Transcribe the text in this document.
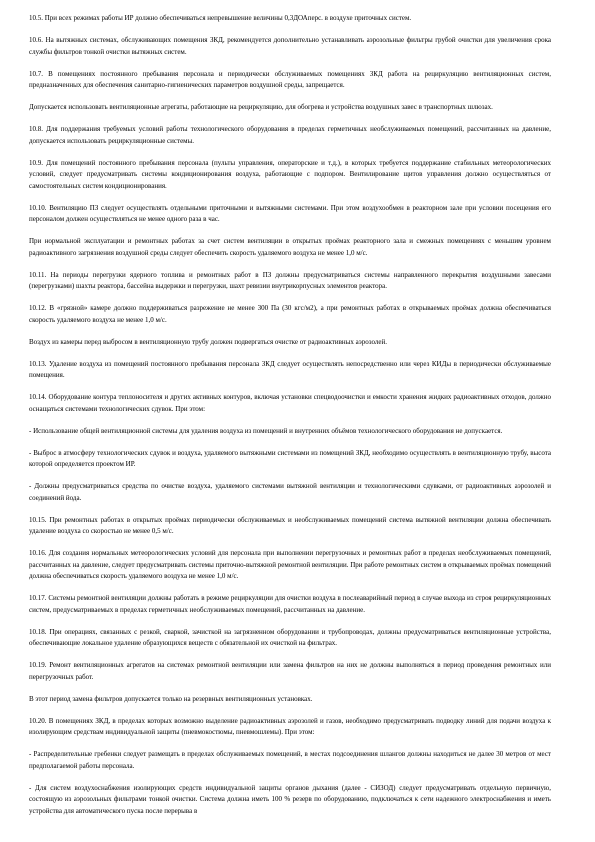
10.5. При всех режимах работы ИР должно обеспечиваться непревышение величины 0,3ДОАперс. в воздухе приточных систем.

10.6. На вытяжных системах, обслуживающих помещения ЗКД, рекомендуется дополнительно устанавливать аэрозольные фильтры грубой очистки для увеличения срока службы фильтров тонкой очистки вытяжных систем.

10.7. В помещениях постоянного пребывания персонала и периодически обслуживаемых помещениях ЗКД работа на рециркуляцию вентиляционных систем, предназначенных для обеспечения санитарно-гигиенических параметров воздушной среды, запрещается.

Допускается использовать вентиляционные агрегаты, работающие на рециркуляцию, для обогрева и устройства воздушных завес в транспортных шлюзах.

10.8. Для поддержания требуемых условий работы технологического оборудования в пределах герметичных необслуживаемых помещений, рассчитанных на давление, допускается использовать рециркуляционные системы.

10.9. Для помещений постоянного пребывания персонала (пульты управления, операторские и т.д.), в которых требуется поддержание стабильных метеорологических условий, следует предусматривать системы кондиционирования воздуха, работающие с подпором. Вентилирование щитов управления должно осуществляться от самостоятельных систем кондиционирования.

10.10. Вентиляцию ПЗ следует осуществлять отдельными приточными и вытяжными системами. При этом воздухообмен в реакторном зале при условии посещения его персоналом должен осуществляться не менее одного раза в час.

При нормальной эксплуатации и ремонтных работах за счет систем вентиляции в открытых проёмах реакторного зала и смежных помещениях с меньшим уровнем радиоактивного загрязнения воздушной среды следует обеспечить скорость удаляемого воздуха не менее 1,0 м/с.

10.11. На периоды перегрузки ядерного топлива и ремонтных работ в ПЗ должны предусматриваться системы направленного перекрытия воздушными завесами (перегрузками) шахты реактора, бассейна выдержки и перегрузки, шахт ревизии внутрикорпусных элементов реактора.

10.12. В «грязной» камере должно поддерживаться разрежение не менее 300 Па (30 кгс/м2), а при ремонтных работах в открываемых проёмах должна обеспечиваться скорость удаляемого воздуха не менее 1,0 м/с.

Воздух из камеры перед выбросом в вентиляционную трубу должен подвергаться очистке от радиоактивных аэрозолей.

10.13. Удаление воздуха из помещений постоянного пребывания персонала ЗКД следует осуществлять непосредственно или через КИДы в периодически обслуживаемые помещения.

10.14. Оборудование контура теплоносителя и других активных контуров, включая установки спецводоочистки и емкости хранения жидких радиоактивных отходов, должно оснащаться системами технологических сдувок. При этом:

- Использование общей вентиляционной системы для удаления воздуха из помещений и внутренних объёмов технологического оборудования не допускается.

- Выброс в атмосферу технологических сдувок и воздуха, удаляемого вытяжными системами из помещений ЗКД, необходимо осуществлять в вентиляционную трубу, высота которой определяется проектом ИР.

- Должны предусматриваться средства по очистке воздуха, удаляемого системами вытяжной вентиляции и технологическими сдувками, от радиоактивных аэрозолей и соединений йода.

10.15. При ремонтных работах в открытых проёмах периодически обслуживаемых и необслуживаемых помещений система вытяжной вентиляции должна обеспечивать удаление воздуха со скоростью не менее 0,5 м/с.

10.16. Для создания нормальных метеорологических условий для персонала при выполнении перегрузочных и ремонтных работ в пределах необслуживаемых помещений, рассчитанных на давление, следует предусматривать системы приточно-вытяжной ремонтной вентиляции. При работе ремонтных систем в открываемых проёмах помещений должна обеспечиваться скорость удаляемого воздуха не менее 1,0 м/с.

10.17. Системы ремонтной вентиляции должны работать в режиме рециркуляции для очистки воздуха в послеаварийный период в случае выхода из строя рециркуляционных систем, предусматриваемых в пределах герметичных необслуживаемых помещений, рассчитанных на давление.

10.18. При операциях, связанных с резкой, сваркой, зачисткой на загрязненном оборудовании и трубопроводах, должны предусматриваться вентиляционные устройства, обеспечивающие локальное удаление образующихся веществ с обязательной их очисткой на фильтрах.

10.19. Ремонт вентиляционных агрегатов на системах ремонтной вентиляции или замена фильтров на них не должны выполняться в период проведения ремонтных или перегрузочных работ.

В этот период замена фильтров допускается только на резервных вентиляционных установках.

10.20. В помещениях ЗКД, в пределах которых возможно выделение радиоактивных аэрозолей и газов, необходимо предусматривать подводку линий для подачи воздуха к изолирующим средствам индивидуальной защиты (пневмокостюмы, пневмошлемы). При этом:

- Распределительные гребенки следует размещать в пределах обслуживаемых помещений, в местах подсоединения шлангов должны находиться не далее 30 метров от мест предполагаемой работы персонала.

- Для систем воздухоснабжения изолирующих средств индивидуальной защиты органов дыхания (далее - СИЗОД) следует предусматривать отдельную первичную, состоящую из аэрозольных фильтрами тонкой очистки. Система должна иметь 100 % резерв по оборудованию, подключаться к сети надежного электроснабжения и иметь устройства для автоматического пуска после перерыва в
